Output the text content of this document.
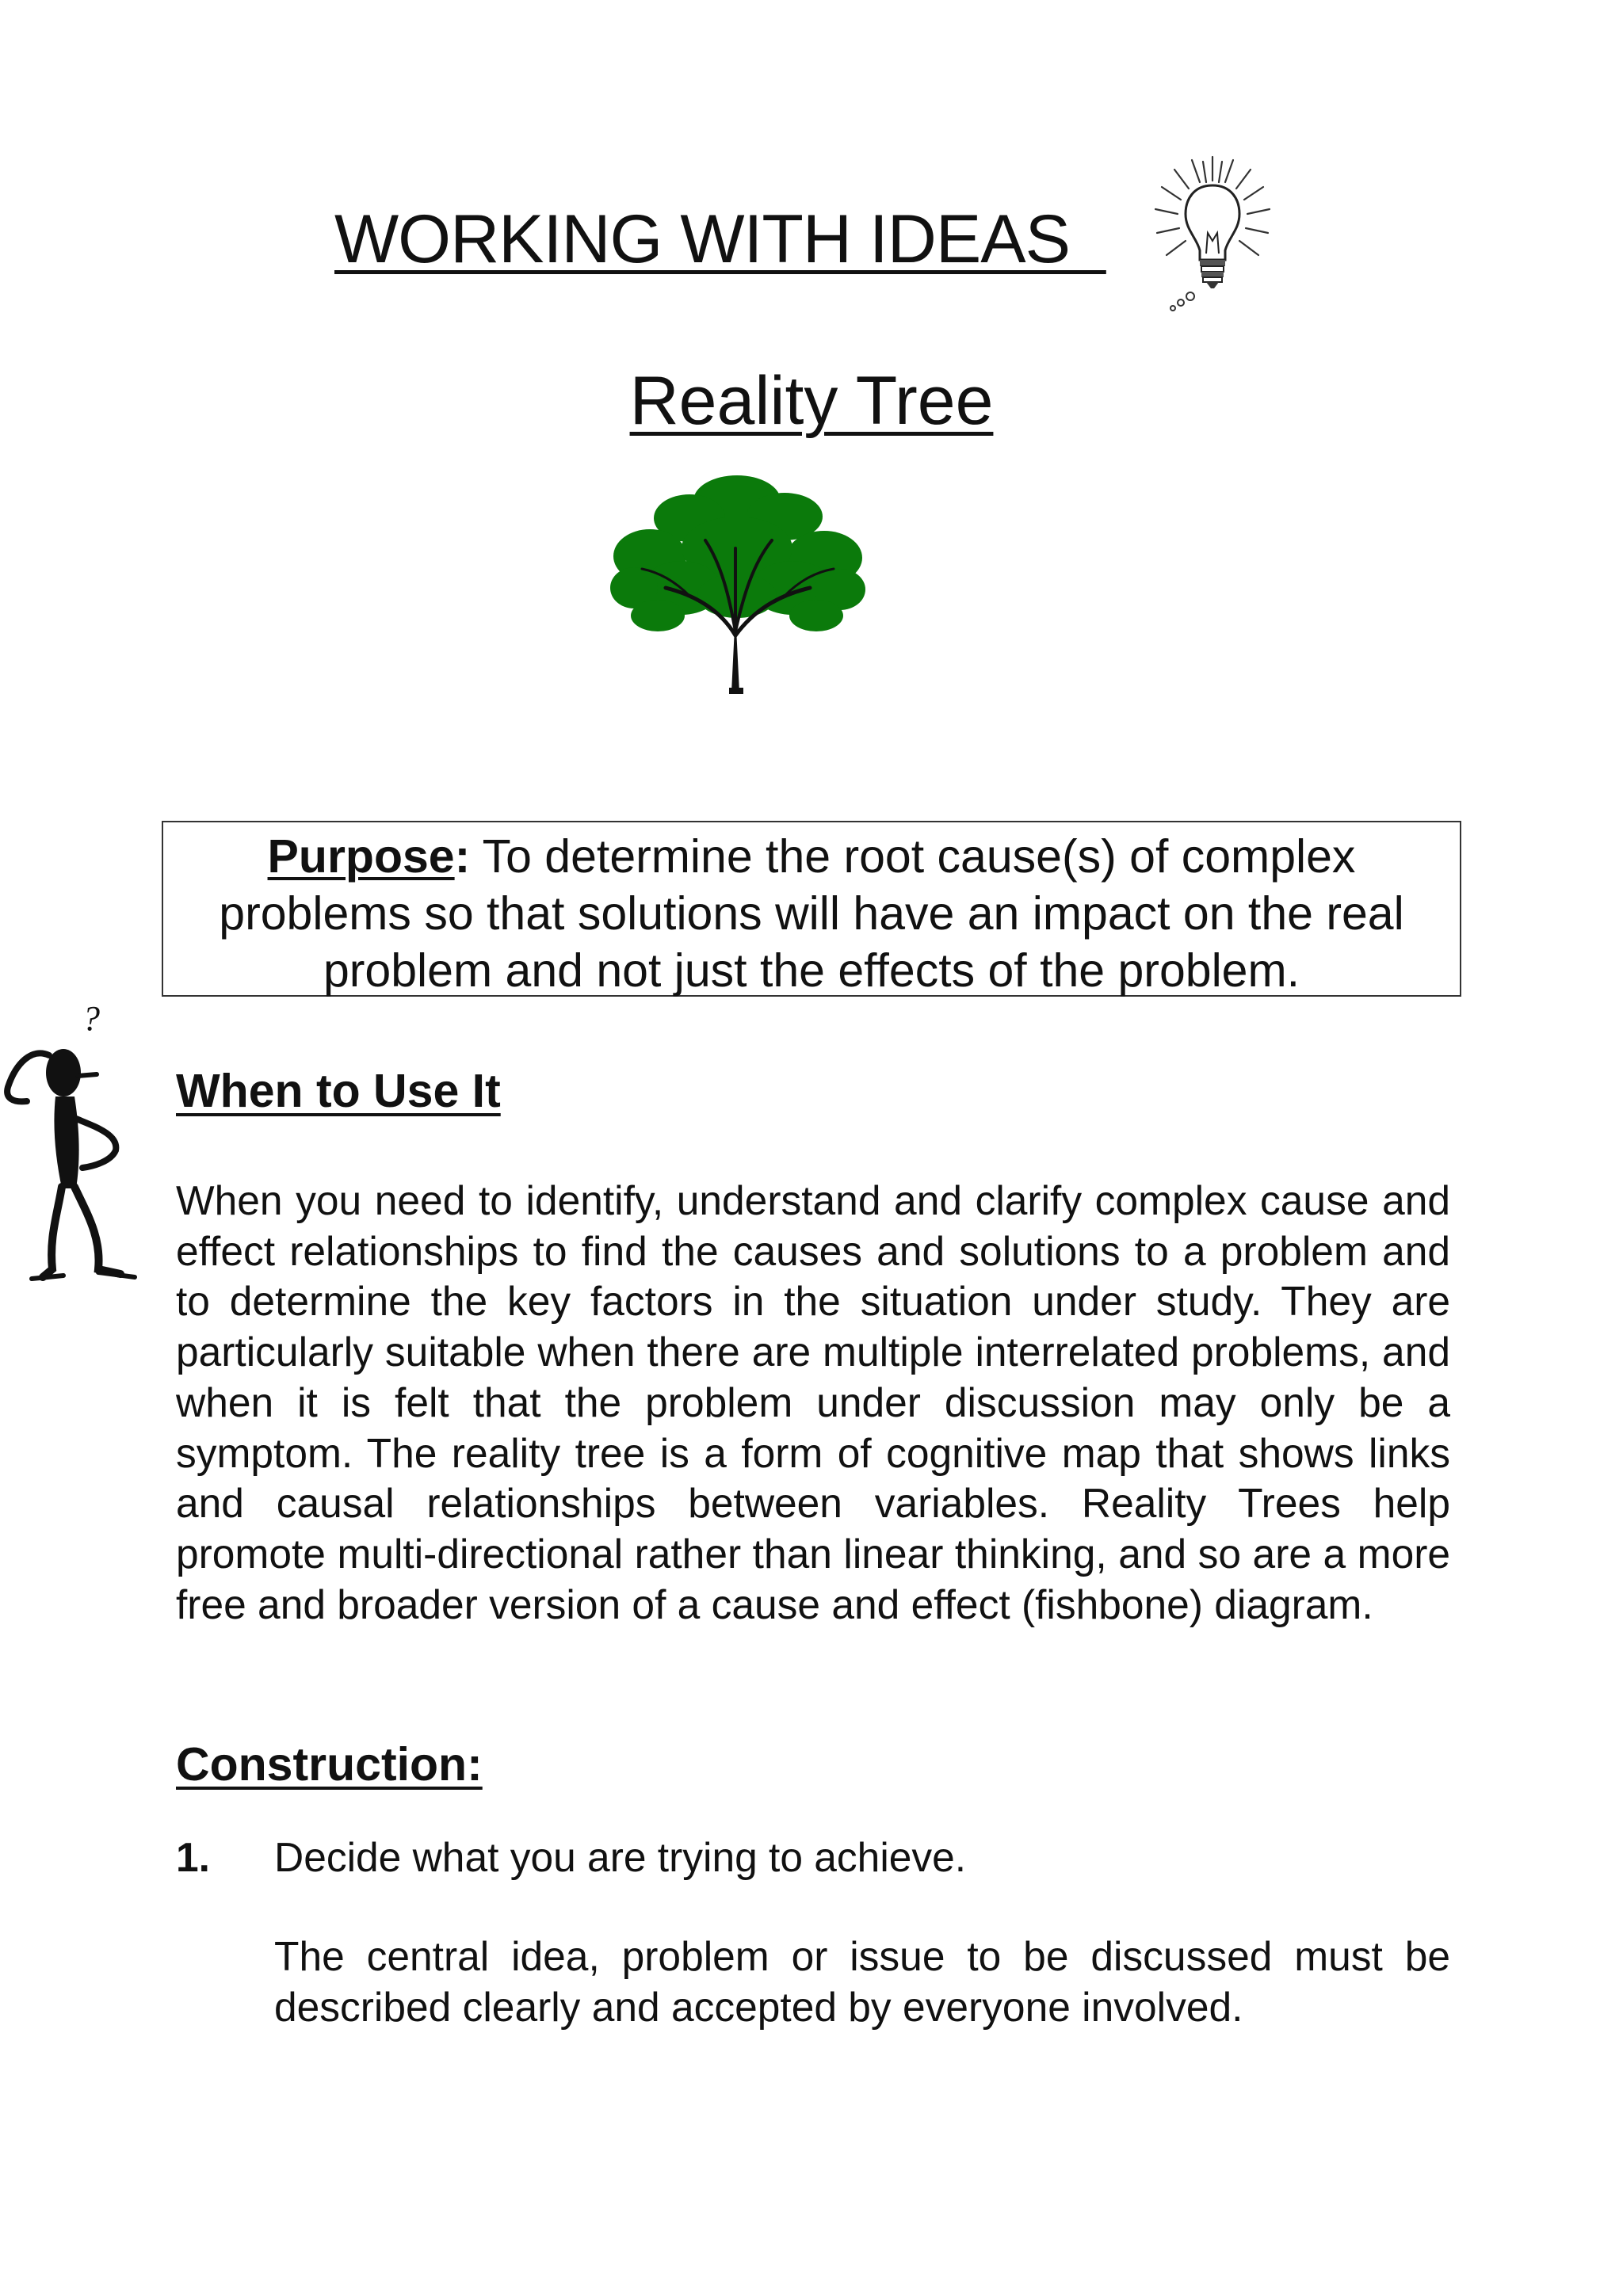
WORKING WITH IDEAS
Reality Tree
Purpose: To determine the root cause(s) of complex problems so that solutions will have an impact on the real problem and not just the effects of the problem.
?
When to Use It
When you need to identify, understand and clarify complex cause and effect relationships to find the causes and solutions to a problem and to determine the key factors in the situation under study. They are particularly suitable when there are multiple interrelated problems, and when it is felt that the problem under discussion may only be a symptom. The reality tree is a form of cognitive map that shows links and causal relationships between variables. Reality Trees help promote multi-directional rather than linear thinking, and so are a more free and broader version of a cause and effect (fishbone) diagram.
Construction:
1. Decide what you are trying to achieve.
The central idea, problem or issue to be discussed must be described clearly and accepted by everyone involved.
